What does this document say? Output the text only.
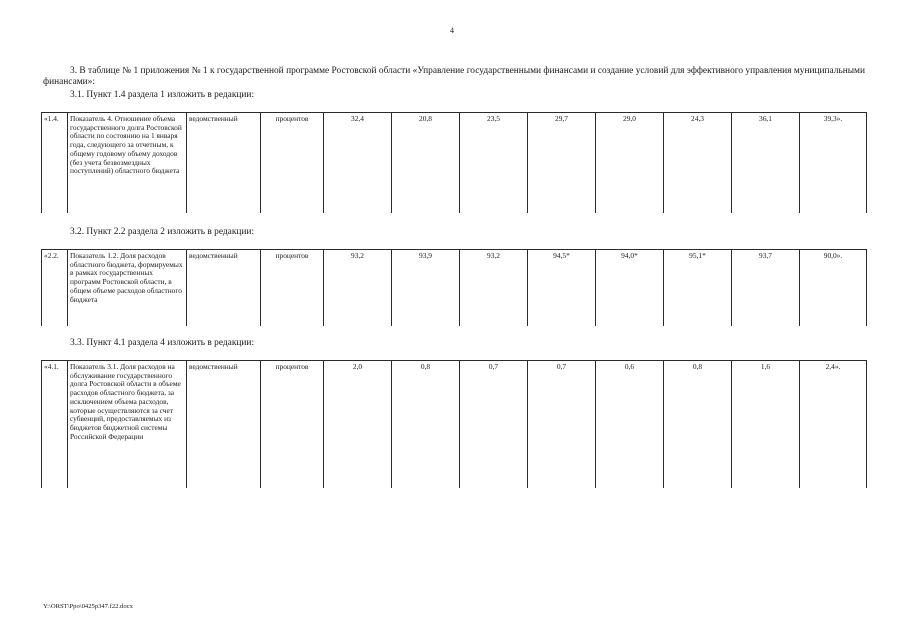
4

3. В таблице № 1 приложения № 1 к государственной программе Ростовской области «Управление государственными финансами и создание условий для эффективного управления муниципальными финансами»:

3.1. Пункт 1.4 раздела 1 изложить в редакции:

«1.4.	Показатель 4. Отношение объема государственного долга Ростовской области по состоянию на 1 января года, следующего за отчетным, к общему годовому объему доходов (без учета безвозмездных поступлений) областного бюджета	ведомственный	процентов	32,4	20,8	23,5	29,7	29,0	24,3	36,1	39,3».

3.2. Пункт 2.2 раздела 2 изложить в редакции:

«2.2.	Показатель 1.2. Доля расходов областного бюджета, формируемых в рамках государственных программ Ростовской области, в общем объеме расходов областного бюджета	ведомственный	процентов	93,2	93,9	93,2	94,5*	94,0*	95,1*	93,7	90,0».

3.3. Пункт 4.1 раздела 4 изложить в редакции:

«4.1.	Показатель 3.1. Доля расходов на обслуживание государственного долга Ростовской области в объеме расходов областного бюджета, за исключением объема расходов, которые осуществляются за счет субвенций, предоставляемых из бюджетов бюджетной системы Российской Федерации	ведомственный	процентов	2,0	0,8	0,7	0,7	0,6	0,8	1,6	2,4».
Y:\ORST\Ppo\0425p347.f22.docx
